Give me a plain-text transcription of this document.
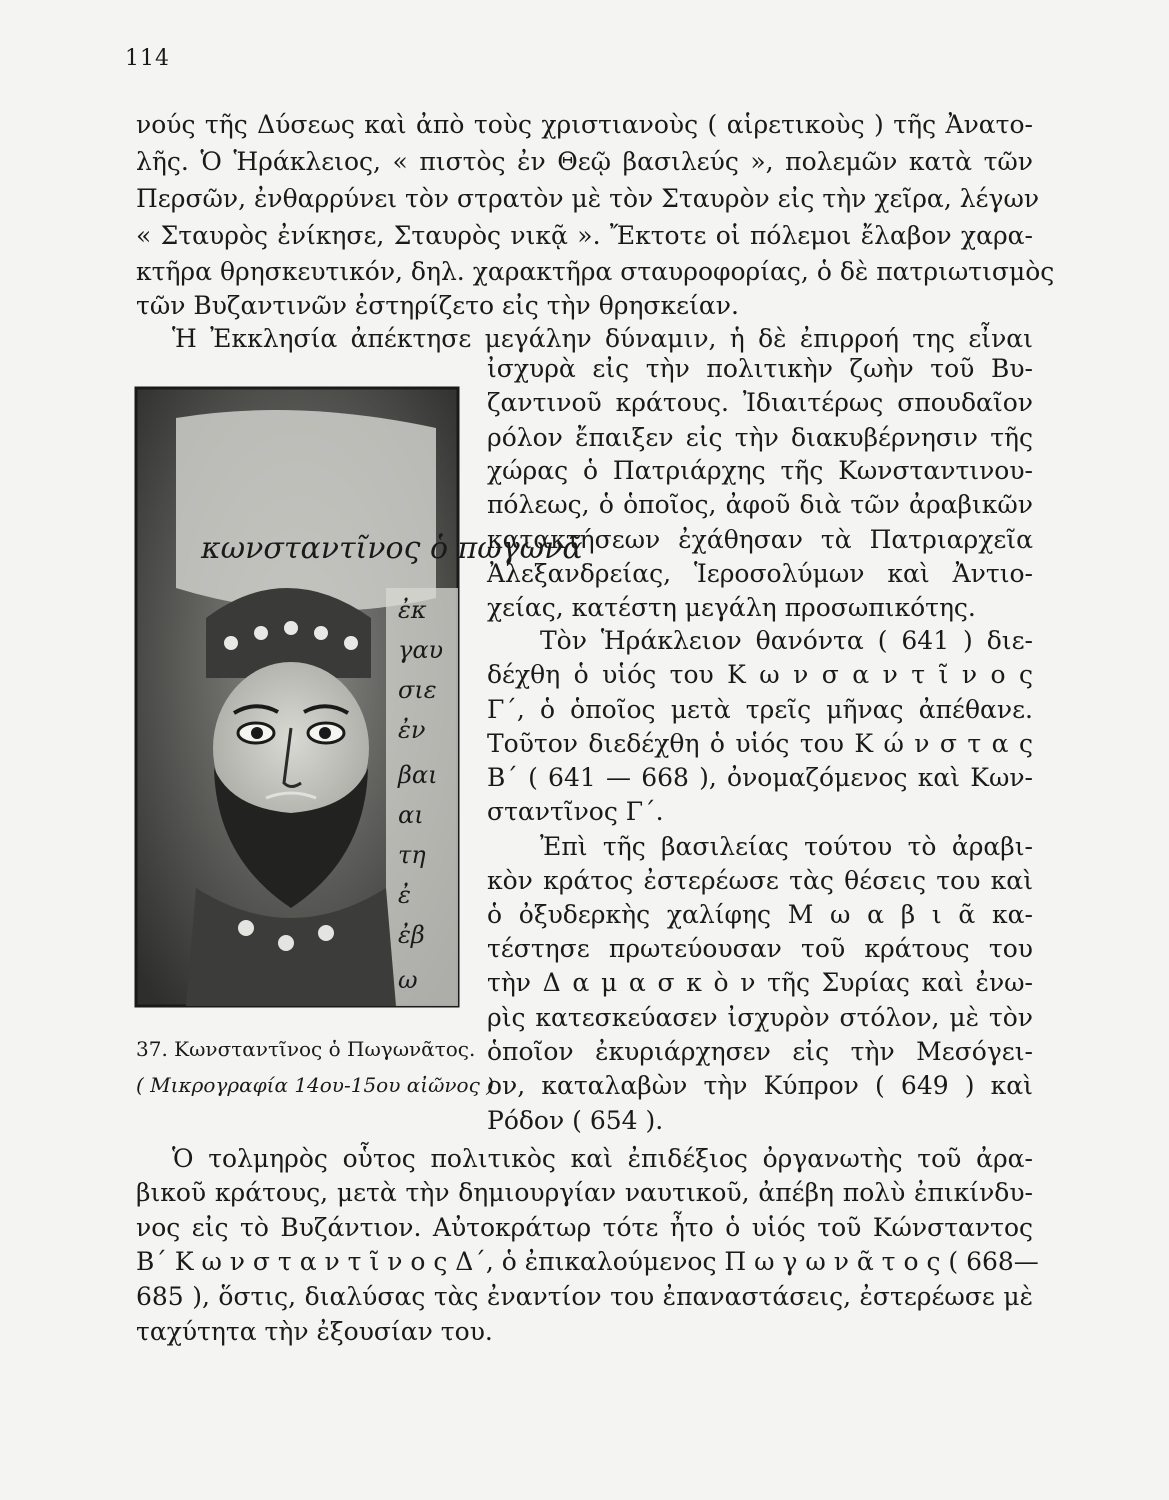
114
νούς τῆς Δύσεως καὶ ἀπὸ τοὺς χριστιανοὺς ( αἱρετικοὺς ) τῆς Ἀνατο-
λῆς. Ὁ Ἡράκλειος, « πιστὸς ἐν Θεῷ βασιλεύς », πολεμῶν κατὰ τῶν
Περσῶν, ἐνθαρρύνει τὸν στρατὸν μὲ τὸν Σταυρὸν εἰς τὴν χεῖρα, λέγων
« Σταυρὸς ἐνίκησε, Σταυρὸς νικᾷ ». Ἔκτοτε οἱ πόλεμοι ἔλαβον χαρα-
κτῆρα θρησκευτικόν, δηλ. χαρακτῆρα σταυροφορίας, ὁ δὲ πατριωτισμὸς
τῶν Βυζαντινῶν ἐστηρίζετο εἰς τὴν θρησκείαν.
Ἡ Ἐκκλησία ἀπέκτησε μεγάλην δύναμιν, ἡ δὲ ἐπιρροή της εἶναι
κωνσταντῖνος ὁ πωγωνᾶ
ἐκ
γαυ
σιε
ἐν
βαι
αι
τη
ἐ
ἐβ
ω
37. Κωνσταντῖνος ὁ Πωγωνᾶτος.
( Μικρογραφία 14ου-15ου αἰῶνος )
ἰσχυρὰ εἰς τὴν πολιτικὴν ζωὴν τοῦ Βυ-
ζαντινοῦ κράτους. Ἰδιαιτέρως σπουδαῖον
ρόλον ἔπαιξεν εἰς τὴν διακυβέρνησιν τῆς
χώρας ὁ Πατριάρχης τῆς Κωνσταντινου-
πόλεως, ὁ ὁποῖος, ἀφοῦ διὰ τῶν ἀραβικῶν
κατακτήσεων ἐχάθησαν τὰ Πατριαρχεῖα
Ἀλεξανδρείας, Ἱεροσολύμων καὶ Ἀντιο-
χείας, κατέστη μεγάλη προσωπικότης.
Τὸν Ἡράκλειον θανόντα ( 641 ) διε-
δέχθη ὁ υἱός του Κ ω ν σ α ν τ ῖ ν ο ς
Γ΄, ὁ ὁποῖος μετὰ τρεῖς μῆνας ἀπέθανε.
Τοῦτον διεδέχθη ὁ υἱός του Κ ώ ν σ τ α ς
Β΄ ( 641 — 668 ), ὀνομαζόμενος καὶ Κων-
σταντῖνος Γ΄.
Ἐπὶ τῆς βασιλείας τούτου τὸ ἀραβι-
κὸν κράτος ἐστερέωσε τὰς θέσεις του καὶ
ὁ ὀξυδερκὴς χαλίφης Μ ω α β ι ᾶ κα-
τέστησε πρωτεύουσαν τοῦ κράτους του
τὴν Δ α μ α σ κ ὸ ν τῆς Συρίας καὶ ἐνω-
ρὶς κατεσκεύασεν ἰσχυρὸν στόλον, μὲ τὸν
ὁποῖον ἐκυριάρχησεν εἰς τὴν Μεσόγει-
ον, καταλαβὼν τὴν Κύπρον ( 649 ) καὶ
Ρόδον ( 654 ).
Ὁ τολμηρὸς οὗτος πολιτικὸς καὶ ἐπιδέξιος ὀργανωτὴς τοῦ ἀρα-
βικοῦ κράτους, μετὰ τὴν δημιουργίαν ναυτικοῦ, ἀπέβη πολὺ ἐπικίνδυ-
νος εἰς τὸ Βυζάντιον. Αὐτοκράτωρ τότε ἦτο ὁ υἱός τοῦ Κώνσταντος
Β΄ Κ ω ν σ τ α ν τ ῖ ν ο ς Δ΄, ὁ ἐπικαλούμενος Π ω γ ω ν ᾶ τ ο ς ( 668—
685 ), ὅστις, διαλύσας τὰς ἐναντίον του ἐπαναστάσεις, ἐστερέωσε μὲ
ταχύτητα τὴν ἐξουσίαν του.
